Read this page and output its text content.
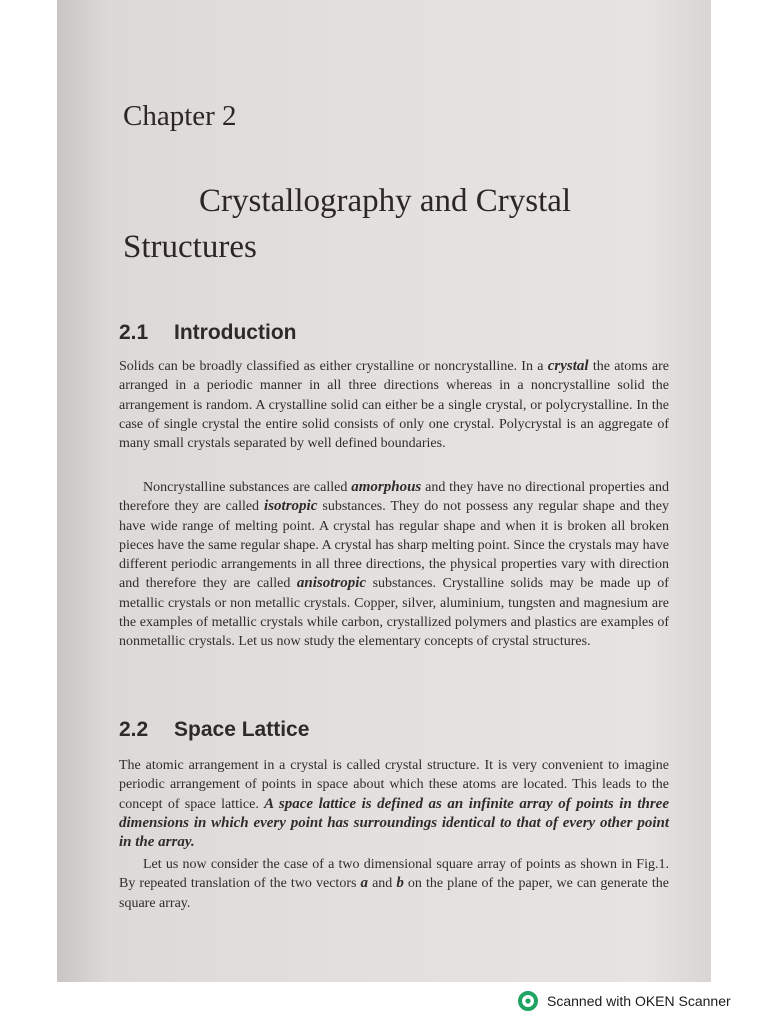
Chapter 2
Crystallography and Crystal
Structures
2.1 Introduction

Solids can be broadly classified as either crystalline or noncrystalline. In a crystal the atoms are arranged in a periodic manner in all three directions whereas in a noncrystalline solid the arrangement is random. A crystalline solid can either be a single crystal, or polycrystalline. In the case of single crystal the entire solid consists of only one crystal. Polycrystal is an aggregate of many small crystals separated by well defined boundaries.

Noncrystalline substances are called amorphous and they have no directional properties and therefore they are called isotropic substances. They do not possess any regular shape and they have wide range of melting point. A crystal has regular shape and when it is broken all broken pieces have the same regular shape. A crystal has sharp melting point. Since the crystals may have different periodic arrangements in all three directions, the physical properties vary with direction and therefore they are called anisotropic substances. Crystalline solids may be made up of metallic crystals or non metallic crystals. Copper, silver, aluminium, tungsten and magnesium are the examples of metallic crystals while carbon, crystallized polymers and plastics are examples of nonmetallic crystals. Let us now study the elementary concepts of crystal structures.

2.2 Space Lattice

The atomic arrangement in a crystal is called crystal structure. It is very convenient to imagine periodic arrangement of points in space about which these atoms are located. This leads to the concept of space lattice. A space lattice is defined as an infinite array of points in three dimensions in which every point has surroundings identical to that of every other point in the array.

Let us now consider the case of a two dimensional square array of points as shown in Fig.1. By repeated translation of the two vectors a and b on the plane of the paper, we can generate the square array.

Scanned with OKEN Scanner
